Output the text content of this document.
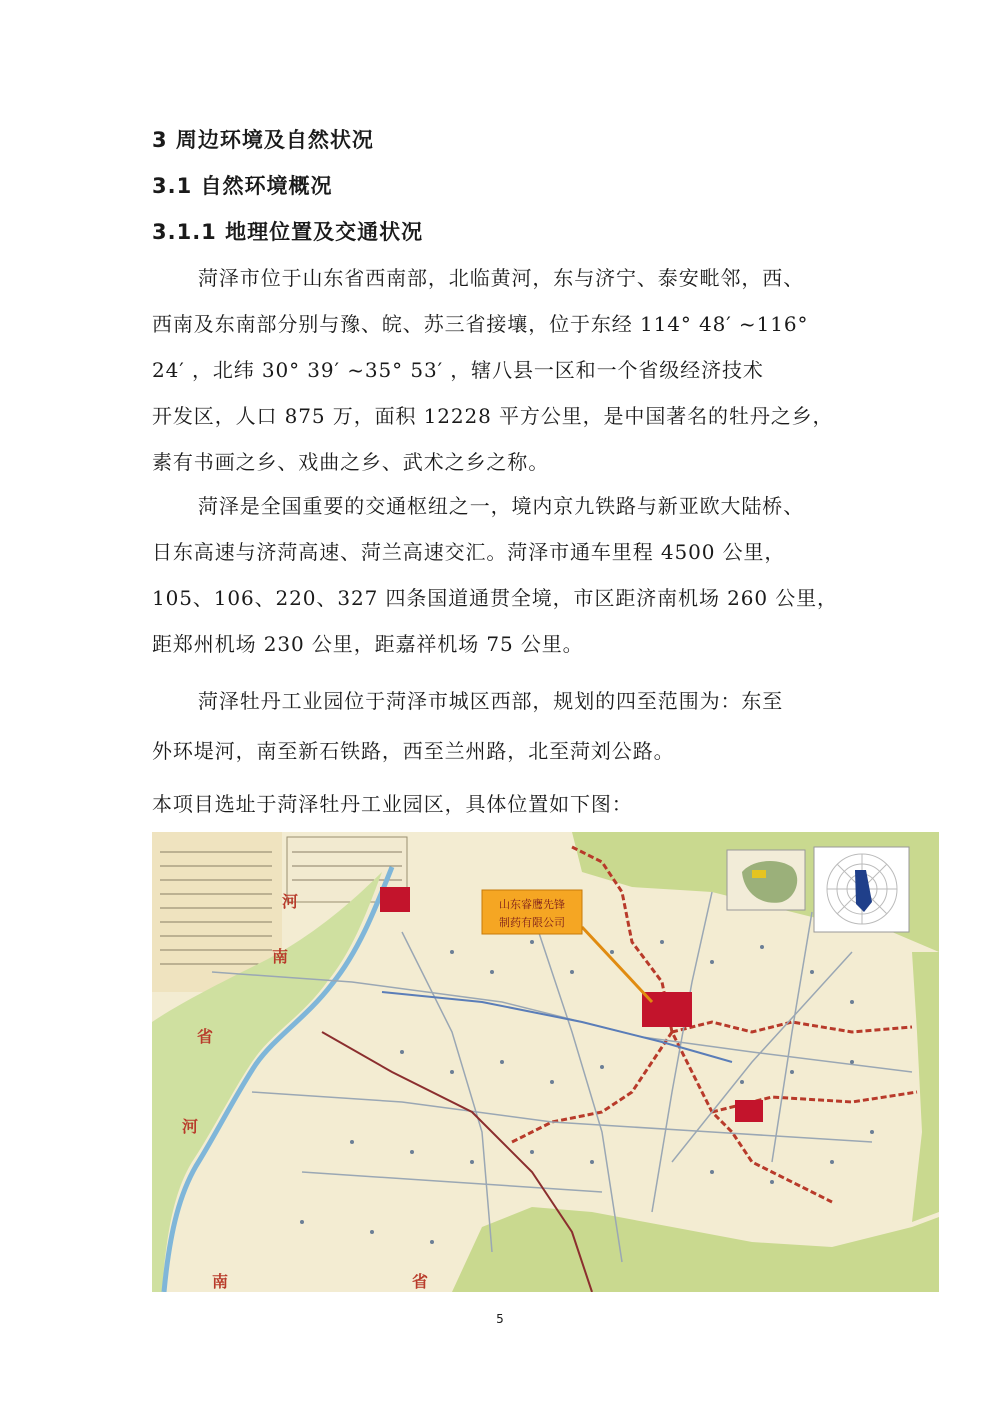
3 周边环境及自然状况
3.1 自然环境概况
3.1.1 地理位置及交通状况
菏泽市位于山东省西南部，北临黄河，东与济宁、泰安毗邻，西、
西南及东南部分别与豫、皖、苏三省接壤，位于东经 114° 48′ ~116°
24′ ，北纬 30° 39′ ~35° 53′ ，辖八县一区和一个省级经济技术
开发区，人口 875 万，面积 12228 平方公里，是中国著名的牡丹之乡，
素有书画之乡、戏曲之乡、武术之乡之称。
菏泽是全国重要的交通枢纽之一，境内京九铁路与新亚欧大陆桥、
日东高速与济菏高速、菏兰高速交汇。菏泽市通车里程 4500 公里，
105、106、220、327 四条国道通贯全境，市区距济南机场 260 公里，
距郑州机场 230 公里，距嘉祥机场 75 公里。
菏泽牡丹工业园位于菏泽市城区西部，规划的四至范围为：东至
外环堤河，南至新石铁路，西至兰州路，北至菏刘公路。
本项目选址于菏泽牡丹工业园区，具体位置如下图：
河
南
省
河
南	省
山东睿鹰先锋
制药有限公司
5
